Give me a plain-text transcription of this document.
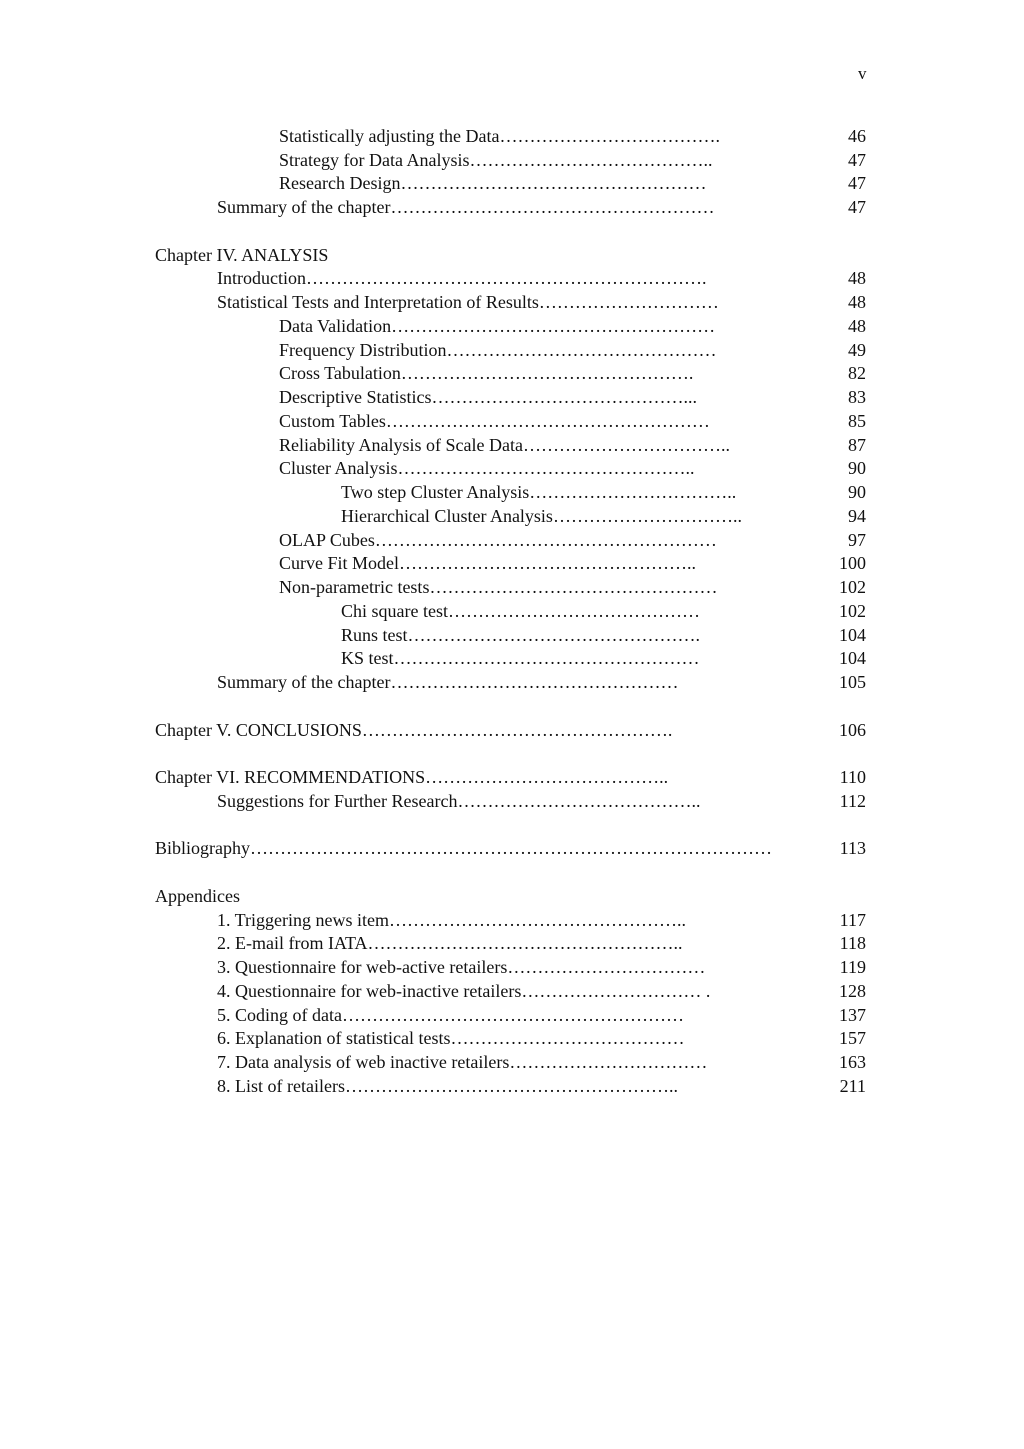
v
Statistically adjusting the Data……………………………….	46
Strategy for Data Analysis…………………………………..	47
Research Design……………………………………………	47
Summary of the chapter………………………………………………	47
Chapter IV. ANALYSIS
Introduction………………………………………………………….	48
Statistical Tests and Interpretation of Results…………………………	48
Data Validation………………………………………………	48
Frequency Distribution………………………………………	49
Cross Tabulation………………………………………….	82
Descriptive Statistics……………………………………...	83
Custom Tables………………………………………………	85
Reliability Analysis of Scale Data……………………………..	87
Cluster Analysis…………………………………………..	90
Two step Cluster Analysis……………………………..	90
Hierarchical Cluster Analysis…………………………..	94
OLAP Cubes…………………………………………………	97
Curve Fit Model…………………………………………..	100
Non-parametric tests…………………………………………	102
Chi square test……………………………………	102
Runs test………………………………………….	104
KS test……………………………………………	104
Summary of the chapter…………………………………………	105
Chapter V. CONCLUSIONS…………………………………………….	106
Chapter VI. RECOMMENDATIONS…………………………………..	110
Suggestions for Further Research…………………………………..	112
Bibliography……………………………………………………………………………	113
Appendices
1. Triggering news item…………………………………………..	117
2. E-mail from IATA……………………………………………..	118
3. Questionnaire for web-active retailers……………………………	119
4. Questionnaire for web-inactive retailers………………………… .	128
5. Coding of data…………………………………………………	137
6. Explanation of statistical tests…………………………………	157
7. Data analysis of web inactive retailers……………………………	163
8. List of retailers………………………………………………..	211
